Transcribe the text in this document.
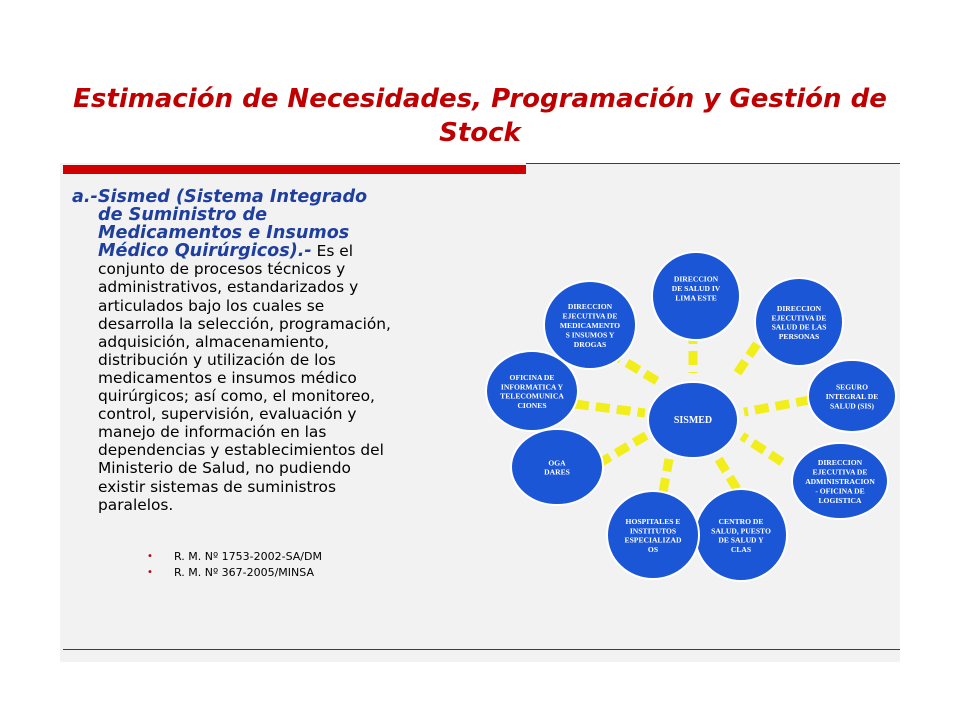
Estimación de Necesidades, Programación y Gestión de Stock
a.-Sismed (Sistema Integrado
de Suministro de
Medicamentos e Insumos
Médico Quirúrgicos).- Es el
conjunto de procesos técnicos y
administrativos, estandarizados y
articulados bajo los cuales se
desarrolla la selección, programación,
adquisición, almacenamiento,
distribución y utilización de los
medicamentos e insumos médico
quirúrgicos; así como, el monitoreo,
control, supervisión, evaluación y
manejo de información en las
dependencias y establecimientos del
Ministerio de Salud, no pudiendo
existir sistemas de suministros
paralelos.
• R. M. Nº 1753-2002-SA/DM
• R. M. Nº 367-2005/MINSA
SISMED
DIRECCION
DE SALUD IV
LIMA ESTE
DIRECCION
EJECUTIVA DE
SALUD DE LAS
PERSONAS
SEGURO
INTEGRAL DE
SALUD (SIS)
DIRECCION
EJECUTIVA DE
ADMINISTRACION
- OFICINA DE
LOGISTICA
CENTRO DE
SALUD, PUESTO
DE SALUD Y
CLAS
HOSPITALES E
INSTITUTOS
ESPECIALIZAD
OS
OGA
DARES
OFICINA DE
INFORMATICA Y
TELECOMUNICA
CIONES
DIRECCION
EJECUTIVA DE
MEDICAMENTO
S INSUMOS Y
DROGAS
